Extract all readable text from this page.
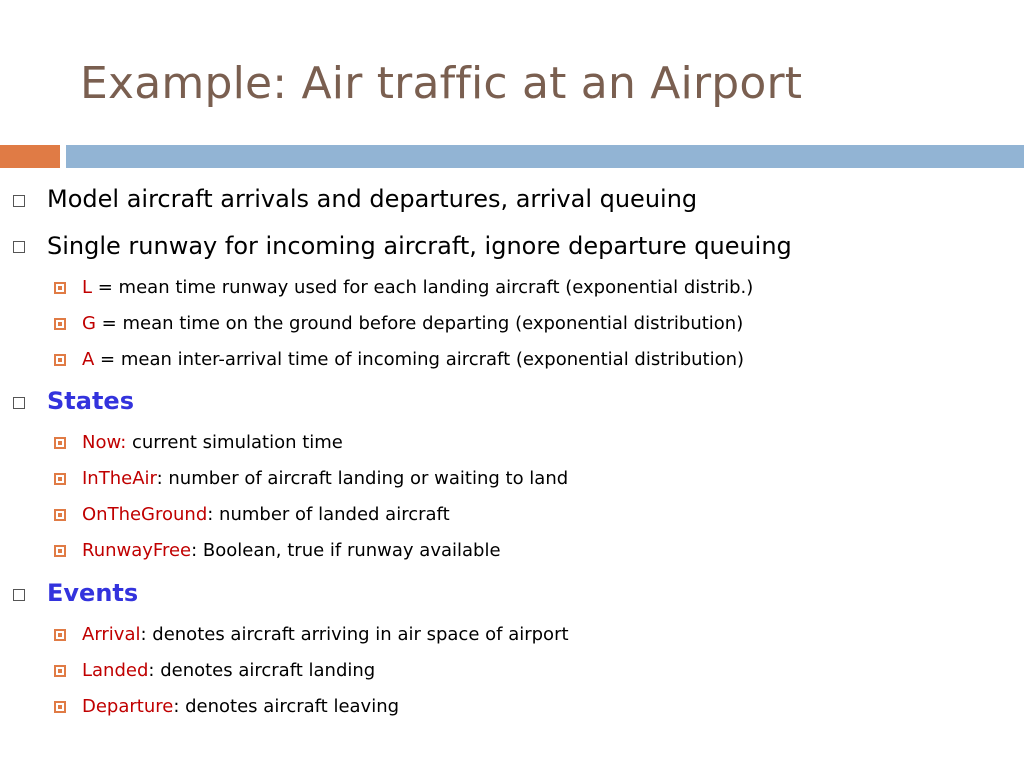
Example: Air traffic at an Airport
Model aircraft arrivals and departures, arrival queuing
Single runway for incoming aircraft, ignore departure queuing
L = mean time runway used for each landing aircraft (exponential distrib.)
G = mean time on the ground before departing (exponential distribution)
A = mean inter-arrival time of incoming aircraft (exponential distribution)
States
Now: current simulation time
InTheAir: number of aircraft landing or waiting to land
OnTheGround: number of landed aircraft
RunwayFree: Boolean, true if runway available
Events
Arrival: denotes aircraft arriving in air space of airport
Landed: denotes aircraft landing
Departure: denotes aircraft leaving
